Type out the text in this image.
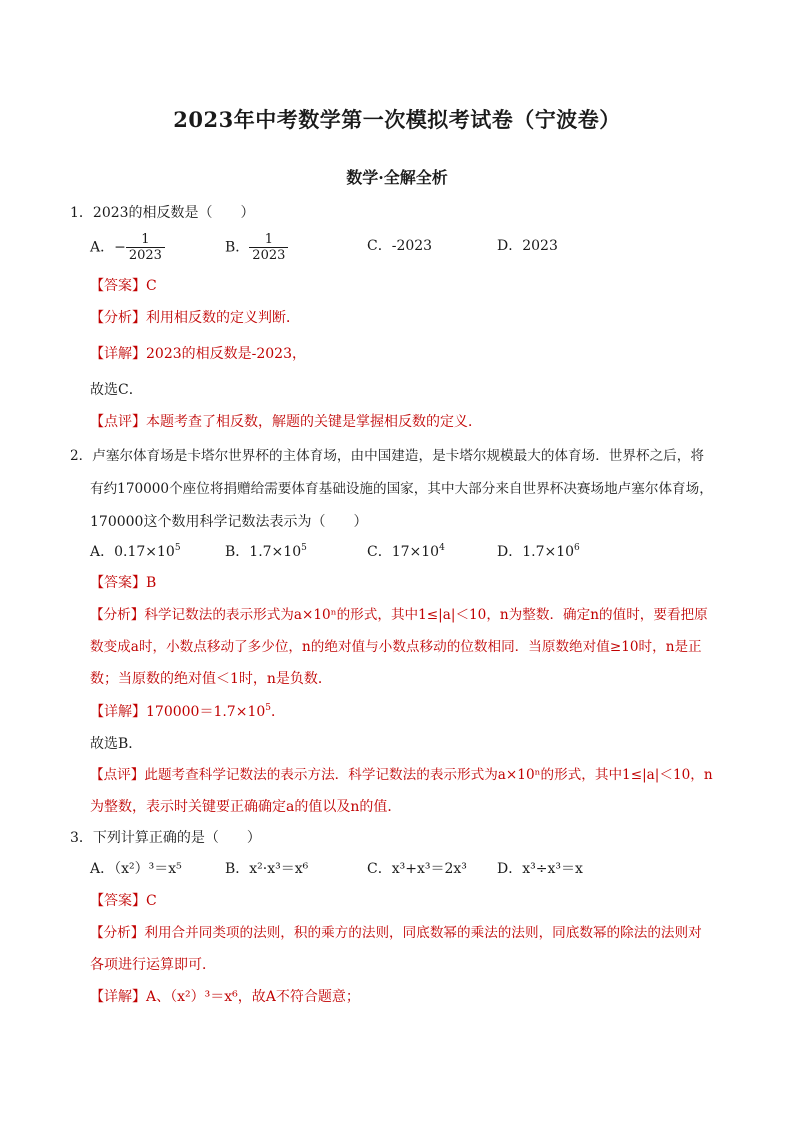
2023年中考数学第一次模拟考试卷（宁波卷）
数学·全解全析
1．2023的相反数是（　　）
A．− $\frac{1}{2023}$	B． $\frac{1}{2023}$	C．-2023	D．2023
【答案】C
【分析】利用相反数的定义判断．
【详解】2023的相反数是-2023，
故选C．
【点评】本题考查了相反数，解题的关键是掌握相反数的定义．
2．卢塞尔体育场是卡塔尔世界杯的主体育场，由中国建造，是卡塔尔规模最大的体育场．世界杯之后，将
有约170000个座位将捐赠给需要体育基础设施的国家，其中大部分来自世界杯决赛场地卢塞尔体育场，
170000这个数用科学记数法表示为（　　）
A．$0.17\times 10^5$	B．$1.7\times 10^5$	C．$17\times 10^4$	D．$1.7\times 10^6$
【答案】B
【分析】科学记数法的表示形式为a×10ⁿ的形式，其中1≤|a|＜10，n为整数．确定n的值时，要看把原
数变成a时，小数点移动了多少位，n的绝对值与小数点移动的位数相同．当原数绝对值≥10时，n是正
数；当原数的绝对值＜1时，n是负数．
【详解】$170000=1.7\times 10^5$．
故选B．
【点评】此题考查科学记数法的表示方法．科学记数法的表示形式为a×10ⁿ的形式，其中1≤|a|＜10，n
为整数，表示时关键要正确确定a的值以及n的值．
3．下列计算正确的是（　　）
A．（x²）³＝x⁵	B．x²·x³＝x⁶	C．x³+x³＝2x³ D．x³÷x³＝x
【答案】C
【分析】利用合并同类项的法则，积的乘方的法则，同底数幂的乘法的法则，同底数幂的除法的法则对
各项进行运算即可．
【详解】A、（x²）³＝x⁶，故A不符合题意；
